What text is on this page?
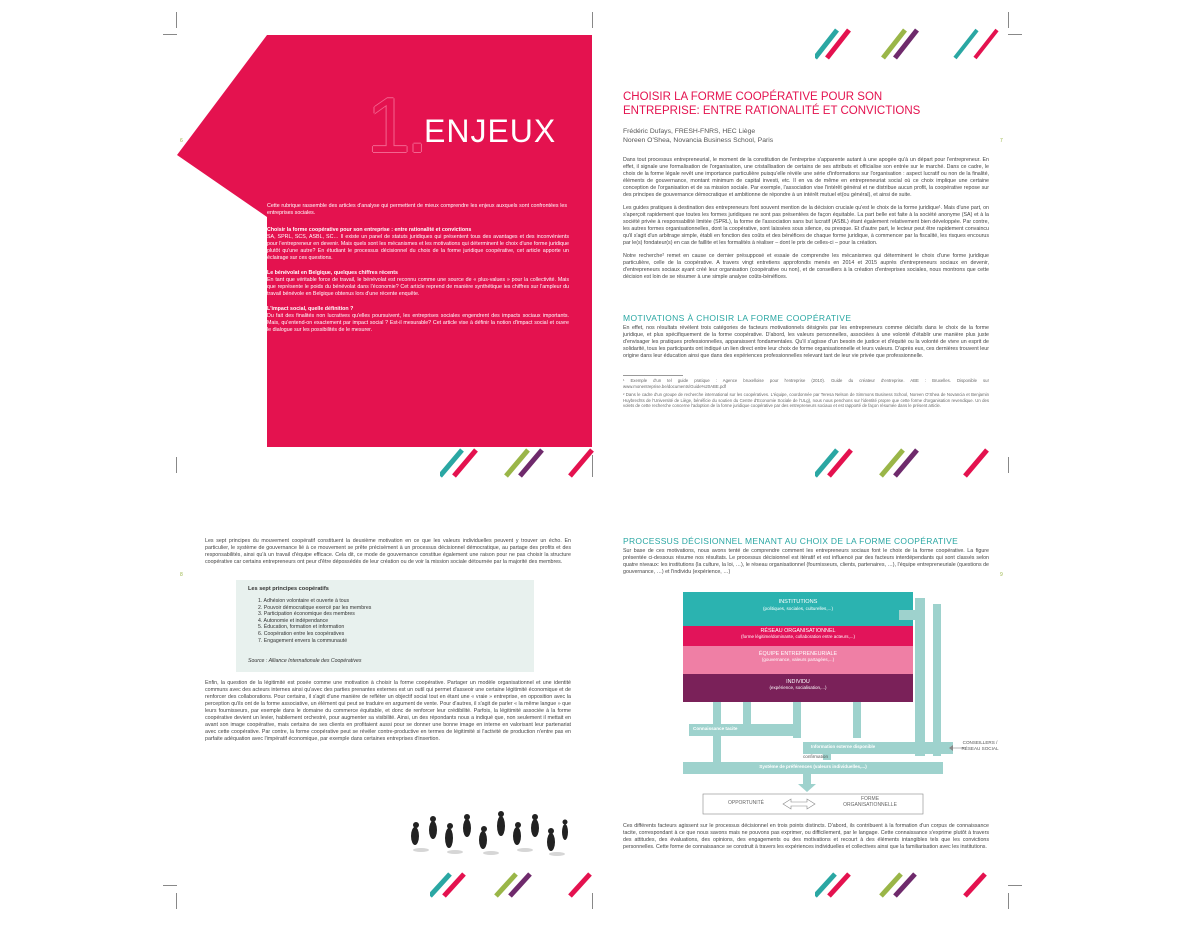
1. ENJEUX
Cette rubrique rassemble des articles d'analyse qui permettent de mieux comprendre les enjeux auxquels sont confrontées les entreprises sociales.
Choisir la forme coopérative pour son entreprise : entre rationalité et convictions
SA, SPRL, SCS, ASBL, SC… Il existe un panel de statuts juridiques qui présentent tous des avantages et des inconvénients pour l'entrepreneur en devenir. Mais quels sont les mécanismes et les motivations qui déterminent le choix d'une forme juridique plutôt qu'une autre? En étudiant le processus décisionnel du choix de la forme juridique coopérative, cet article apporte un éclairage sur ces questions.
Le bénévolat en Belgique, quelques chiffres récents
En tant que véritable force de travail, le bénévolat est reconnu comme une source de « plus-values » pour la collectivité. Mais que représente le poids du bénévolat dans l'économie? Cet article reprend de manière synthétique les chiffres sur l'ampleur du travail bénévole en Belgique obtenus lors d'une récente enquête.
L'impact social, quelle définition ?
Du fait des finalités non lucratives qu'elles poursuivent, les entreprises sociales engendrent des impacts sociaux importants. Mais, qu'entend-on exactement par impact social ? Est-il mesurable? Cet article vise à définir la notion d'impact social et ouvre le dialogue sur les possibilités de le mesurer.
6
CHOISIR LA FORME COOPÉRATIVE POUR SON
ENTREPRISE: ENTRE RATIONALITÉ ET CONVICTIONS
Frédéric Dufays, FRESH-FNRS, HEC Liège
Noreen O'Shea, Novancia Business School, Paris

Dans tout processus entrepreneurial, le moment de la constitution de l'entreprise s'apparente autant à une apogée qu'à un départ pour l'entrepreneur. En effet, il signale une formalisation de l'organisation, une cristallisation de certains de ses attributs et officialise son entrée sur le marché. Dans ce cadre, le choix de la forme légale revêt une importance particulière puisqu'elle révèle une série d'informations sur l'organisation : aspect lucratif ou non de la finalité, éléments de gouvernance, montant minimum de capital investi, etc. Il en va de même en entrepreneuriat social où ce choix implique une certaine conception de l'organisation et de sa mission sociale. Par exemple, l'association vise l'intérêt général et ne distribue aucun profit, la coopérative repose sur des principes de gouvernance démocratique et ambitionne de répondre à un intérêt mutuel et(ou général), et ainsi de suite.

Les guides pratiques à destination des entrepreneurs font souvent mention de la décision cruciale qu'est le choix de la forme juridique¹. Mais d'une part, on s'aperçoit rapidement que toutes les formes juridiques ne sont pas présentées de façon équitable. La part belle est faite à la société anonyme (SA) et à la société privée à responsabilité limitée (SPRL), la forme de l'association sans but lucratif (ASBL) étant également relativement bien développée. Par contre, les autres formes organisationnelles, dont la coopérative, sont laissées sous silence, ou presque. Et d'autre part, le lecteur peut être rapidement convaincu qu'il s'agit d'un arbitrage simple, établi en fonction des coûts et des bénéfices de chaque forme juridique, à commencer par la fiscalité, les risques encourus par le(s) fondateur(s) en cas de faillite et les formalités à réaliser – dont le prix de celles-ci – pour la création.

Notre recherche² remet en cause ce dernier présupposé et essaie de comprendre les mécanismes qui déterminent le choix d'une forme juridique particulière, celle de la coopérative. A travers vingt entretiens approfondis menés en 2014 et 2015 auprès d'entrepreneurs sociaux en devenir, d'entrepreneurs sociaux ayant créé leur organisation (coopérative ou non), et de conseillers à la création d'entreprises sociales, nous montrons que cette décision est loin de se résumer à une simple analyse coûts-bénéfices.

MOTIVATIONS À CHOISIR LA FORME COOPÉRATIVE
En effet, nos résultats révèlent trois catégories de facteurs motivationnels désignés par les entrepreneurs comme décisifs dans le choix de la forme juridique, et plus spécifiquement de la forme coopérative. D'abord, les valeurs personnelles, associées à une volonté d'établir une manière plus juste d'envisager les pratiques professionnelles, apparaissent fondamentales. Qu'il s'agisse d'un besoin de justice et d'équité ou la volonté de vivre un esprit de solidarité, tous les participants ont indiqué un lien direct entre leur choix de forme organisationnelle et leurs valeurs. D'après eux, ces dernières trouvent leur origine dans leur éducation ainsi que dans des expériences professionnelles relevant tant de leur vie privée que professionnelle.
¹ Exemple d'un tel guide pratique : Agence bruxelloise pour l'entreprise (2010). Guide du créateur d'entreprise. ABE : Bruxelles. Disponible sur www.monentreprise.be/documents/Guide%20ABE.pdf
² Dans le cadre d'un groupe de recherche international sur les coopératives. L'équipe, coordonnée par Teresa Nelson de Simmons Business School, Noreen O'Shea de Novancia et Benjamin Huybrechts de l'Université de Liège, bénéficie du soutien du Centre d'Economie Sociale de l'ULg), nous nous penchons sur l'identité propre que cette forme d'organisation revendique. Un des volets de cette recherche concerne l'adoption de la forme juridique coopérative par des entrepreneurs sociaux et est rapporté de façon résumée dans le présent article.
7
Les sept principes du mouvement coopératif constituent la deuxième motivation en ce que les valeurs individuelles peuvent y trouver un écho. En particulier, le système de gouvernance lié à ce mouvement se prête précisément à un processus décisionnel démocratique, au partage des profits et des responsabilités, ainsi qu'à un travail d'équipe efficace. Cela dit, ce mode de gouvernance constitue également une raison pour ne pas choisir la structure coopérative car certains entrepreneurs ont peur d'être dépossédés de leur création ou de voir la mission sociale détournée par la majorité des membres.
Les sept principes coopératifs
1. Adhésion volontaire et ouverte à tous
2. Pouvoir démocratique exercé par les membres
3. Participation économique des membres
4. Autonomie et indépendance
5. Éducation, formation et information
6. Coopération entre les coopératives
7. Engagement envers la communauté
Source : Alliance Internationale des Coopératives
Enfin, la question de la légitimité est posée comme une motivation à choisir la forme coopérative. Partager un modèle organisationnel et une identité communs avec des acteurs internes ainsi qu'avec des parties prenantes externes est un outil qui permet d'asseoir une certaine légitimité économique et de renforcer des collaborations. Pour certains, il s'agit d'une manière de refléter un objectif social tout en étant une « vraie » entreprise, en opposition avec la perception qu'ils ont de la forme associative, un élément qui peut se traduire en argument de vente. Pour d'autres, il s'agit de parler « la même langue » que leurs fournisseurs, par exemple dans le domaine du commerce équitable, et donc de renforcer leur crédibilité. Parfois, la légitimité associée à la forme coopérative devient un levier, habilement orchestré, pour augmenter sa visibilité. Ainsi, un des répondants nous a indiqué que, non seulement il mettait en avant son image coopérative, mais certains de ses clients en profitaient aussi pour se donner une bonne image en interne en valorisant leur partenariat avec cette coopérative. Par contre, la forme coopérative peut se révéler contre-productive en termes de légitimité si l'activité de production n'entre pas en parfaite adéquation avec l'impératif économique, par exemple dans certaines entreprises d'insertion.
8
PROCESSUS DÉCISIONNEL MENANT AU CHOIX DE LA FORME COOPÉRATIVE
Sur base de ces motivations, nous avons tenté de comprendre comment les entrepreneurs sociaux font le choix de la forme coopérative. La figure présentée ci-dessous résume nos résultats. Le processus décisionnel est itératif et est influencé par des facteurs interdépendants qui sont classés selon quatre niveaux: les institutions (la culture, la loi, …), le réseau organisationnel (fournisseurs, clients, partenaires, …), l'équipe entrepreneuriale (questions de gouvernance, …) et l'individu (expérience, …)
INSTITUTIONS
(politiques, sociales, culturelles,...)
RÉSEAU ORGANISATIONNEL
(forme légitime/dominante, collaboration entre acteurs,...)
ÉQUIPE ENTREPRENEURIALE
(gouvernance, valeurs partagées,...)
INDIVIDU
(expérience, socialisation,...)
Connaissance tacite
Information externe disponible
CONSEILLERS /
RÉSEAU SOCIAL
confirmation
Système de préférences (valeurs individuelles,...)
OPPORTUNITÉ
FORME
ORGANISATIONNELLE
Ces différents facteurs agissent sur le processus décisionnel en trois points distincts. D'abord, ils contribuent à la formation d'un corpus de connaissance tacite, correspondant à ce que nous savons mais ne pouvons pas exprimer, ou difficilement, par le langage. Cette connaissance s'exprime plutôt à travers des attitudes, des évaluations, des opinions, des engagements ou des motivations et recourt à des éléments intangibles tels que les convictions personnelles. Cette forme de connaissance se construit à travers les expériences individuelles et collectives ainsi que la familiarisation avec les institutions.
9
